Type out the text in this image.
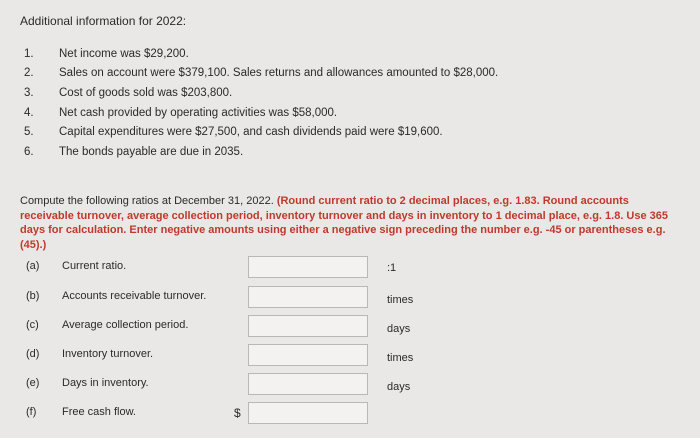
Additional information for 2022:
1.	Net income was $29,200.
2.	Sales on account were $379,100. Sales returns and allowances amounted to $28,000.
3.	Cost of goods sold was $203,800.
4.	Net cash provided by operating activities was $58,000.
5.	Capital expenditures were $27,500, and cash dividends paid were $19,600.
6.	The bonds payable are due in 2035.
Compute the following ratios at December 31, 2022. (Round current ratio to 2 decimal places, e.g. 1.83. Round accounts receivable turnover, average collection period, inventory turnover and days in inventory to 1 decimal place, e.g. 1.8. Use 365 days for calculation. Enter negative amounts using either a negative sign preceding the number e.g. -45 or parentheses e.g. (45).)
(a) Current ratio.	:1
(b) Accounts receivable turnover.	times
(c) Average collection period.	days
(d) Inventory turnover.	times
(e) Days in inventory.	days
(f) Free cash flow.	$
